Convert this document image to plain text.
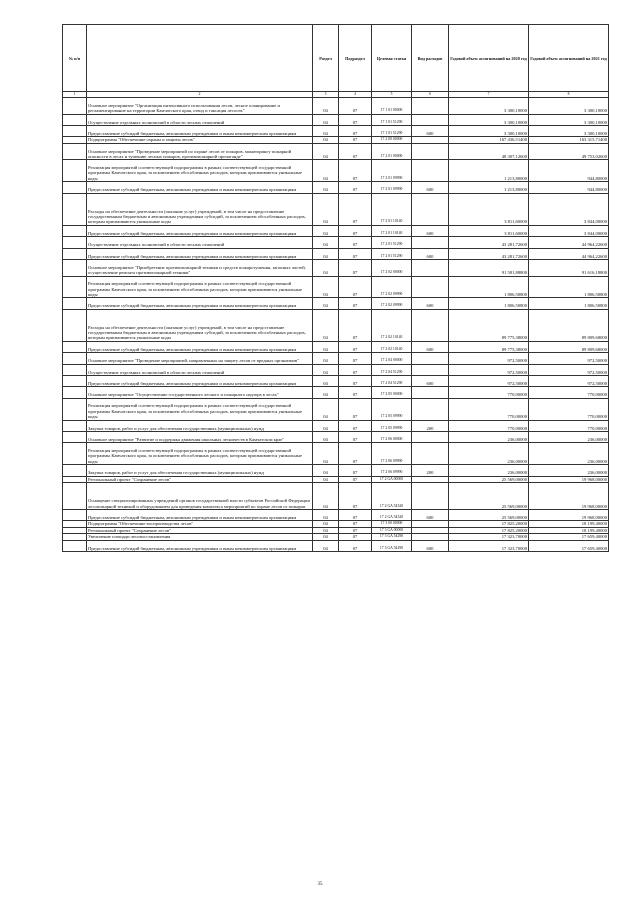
№ п/п		Раздел	Подраздел	Целевая статья	Вид расходов	Годовой объем ассигнований на 2020 год	Годовой объем ассигнований на 2021 год
1	2	3	4	5	6	7	8
	Основное мероприятие "Организация интенсивного использования лесов, лесное планирование и регламентирование на территории Камчатского края, отвод и таксация лесосек"	04	07	17 1 01 00000		3 300,10000	3 300,10000
	Осуществление отдельных полномочий в области лесных отношений	04	07	17 1 01 51290		3 300,10000	3 300,10000
	Предоставление субсидий бюджетным, автономным учреждениям и иным некоммерческим организациям	04	07	17 1 01 51290	600	3 300,10000	3 300,10000
	Подпрограмма "Обеспечение охраны и защиты лесов"	04	07	17 2 00 00000		167 436,51400	163 315,71400
	Основное мероприятие "Проведение мероприятий по охране лесов от пожаров, мониторингу пожарной опасности в лесах и тушению лесных пожаров, противопожарной пропаганде"	04	07	17 2 01 00000		48 307,12600	49 753,02600
	Реализация мероприятий соответствующей подпрограммы в рамках соответствующей государственной программы Камчатского края, за исключением обособленных расходов, которым присваиваются уникальные коды	04	07	17 2 01 09990		1 213,80000	944,80000
	Предоставление субсидий бюджетным, автономным учреждениям и иным некоммерческим организациям	04	07	17 2 01 09990	600	1 213,80000	944,80000
	Расходы на обеспечение деятельности (оказание услуг) учреждений, в том числе на предоставление государственным бюджетным и автономным учреждениям субсидий, за исключением обособленных расходов, которым присваиваются уникальные коды	04	07	17 2 01 10140		3 811,60000	3 844,00000
	Предоставление субсидий бюджетным, автономным учреждениям и иным некоммерческим организациям	04	07	17 2 01 10140	600	3 811,60000	3 844,00000
	Осуществление отдельных полномочий в области лесных отношений	04	07	17 2 01 51290		43 281,72600	44 964,22600
	Предоставление субсидий бюджетным, автономным учреждениям и иным некоммерческим организациям	04	07	17 2 01 51290	600	43 281,72600	44 964,22600
	Основное мероприятие "Приобретение противопожарной техники и средств пожаротушения, запасных частей, осуществление ремонта противопожарной техники"	04	07	17 2 02 00000		91 581,88800	91 616,18800
	Реализация мероприятий соответствующей подпрограммы в рамках соответствующей государственной программы Камчатского края, за исключением обособленных расходов, которым присваиваются уникальные коды	04	07	17 2 02 09990		1 806,50800	1 806,50800
	Предоставление субсидий бюджетным, автономным учреждениям и иным некоммерческим организациям	04	07	17 2 02 09990	600	1 806,50800	1 806,50800
	Расходы на обеспечение деятельности (оказание услуг) учреждений, в том числе на предоставление государственным бюджетным и автономным учреждениям субсидий, за исключением обособленных расходов, которым присваиваются уникальные коды	04	07	17 2 02 10140		89 775,38000	89 809,68000
	Предоставление субсидий бюджетным, автономным учреждениям и иным некоммерческим организациям	04	07	17 2 02 10140	600	89 775,38000	89 809,68000
	Основное мероприятие "Проведение мероприятий, направленных на защиту лесов от вредных организмов"	04	07	17 2 04 00000		972,50000	972,50000
	Осуществление отдельных полномочий в области лесных отношений	04	07	17 2 04 51290		972,50000	972,50000
	Предоставление субсидий бюджетным, автономным учреждениям и иным некоммерческим организациям	04	07	17 2 04 51290	600	972,50000	972,50000
	Основное мероприятие "Осуществление государственного лесного и пожарного надзора в лесах"	04	07	17 2 05 00000		770,00000	770,00000
	Реализация мероприятий соответствующей подпрограммы в рамках соответствующей государственной программы Камчатского края, за исключением обособленных расходов, которым присваиваются уникальные коды	04	07	17 2 05 09990		770,00000	770,00000
	Закупка товаров, работ и услуг для обеспечения государственных (муниципальных) нужд	04	07	17 2 05 09990	200	770,00000	770,00000
	Основное мероприятие "Развитие и поддержка движения школьных лесничеств в Камчатском крае"	04	07	17 2 06 00000		236,00000	236,00000
	Реализация мероприятий соответствующей подпрограммы в рамках соответствующей государственной программы Камчатского края, за исключением обособленных расходов, которым присваиваются уникальные коды	04	07	17 2 06 09990		236,00000	236,00000
	Закупка товаров, работ и услуг для обеспечения государственных (муниципальных) нужд	04	07	17 2 06 09990	200	236,00000	236,00000
	Региональный проект "Сохранение лесов"	04	07	17 2 GA 00000		25 569,00000	19 968,00000
	Оснащение специализированных учреждений органов государственной власти субъектов Российской Федерации лесопожарной техникой и оборудованием для проведения комплекса мероприятий по охране лесов от пожаров	04	07	17 2 GA 54320		25 569,00000	19 968,00000
	Предоставление субсидий бюджетным, автономным учреждениям и иным некоммерческим организациям	04	07	17 2 GA 54320	600	25 569,00000	19 968,00000
	Подпрограмма "Обеспечение воспроизводства лесов"	04	07	17 3 00 00000		17 825,20000	18 199,40000
	Региональный проект "Сохранение лесов"	04	07	17 3 GA 00000		17 825,20000	18 199,40000
	Увеличение площади лесовосстановления	04	07	17 3 GA 54290		17 323,70000	17 659,40000
	Предоставление субсидий бюджетным, автономным учреждениям и иным некоммерческим организациям	04	07	17 3 GA 54290	600	17 323,70000	17 659,40000
35
